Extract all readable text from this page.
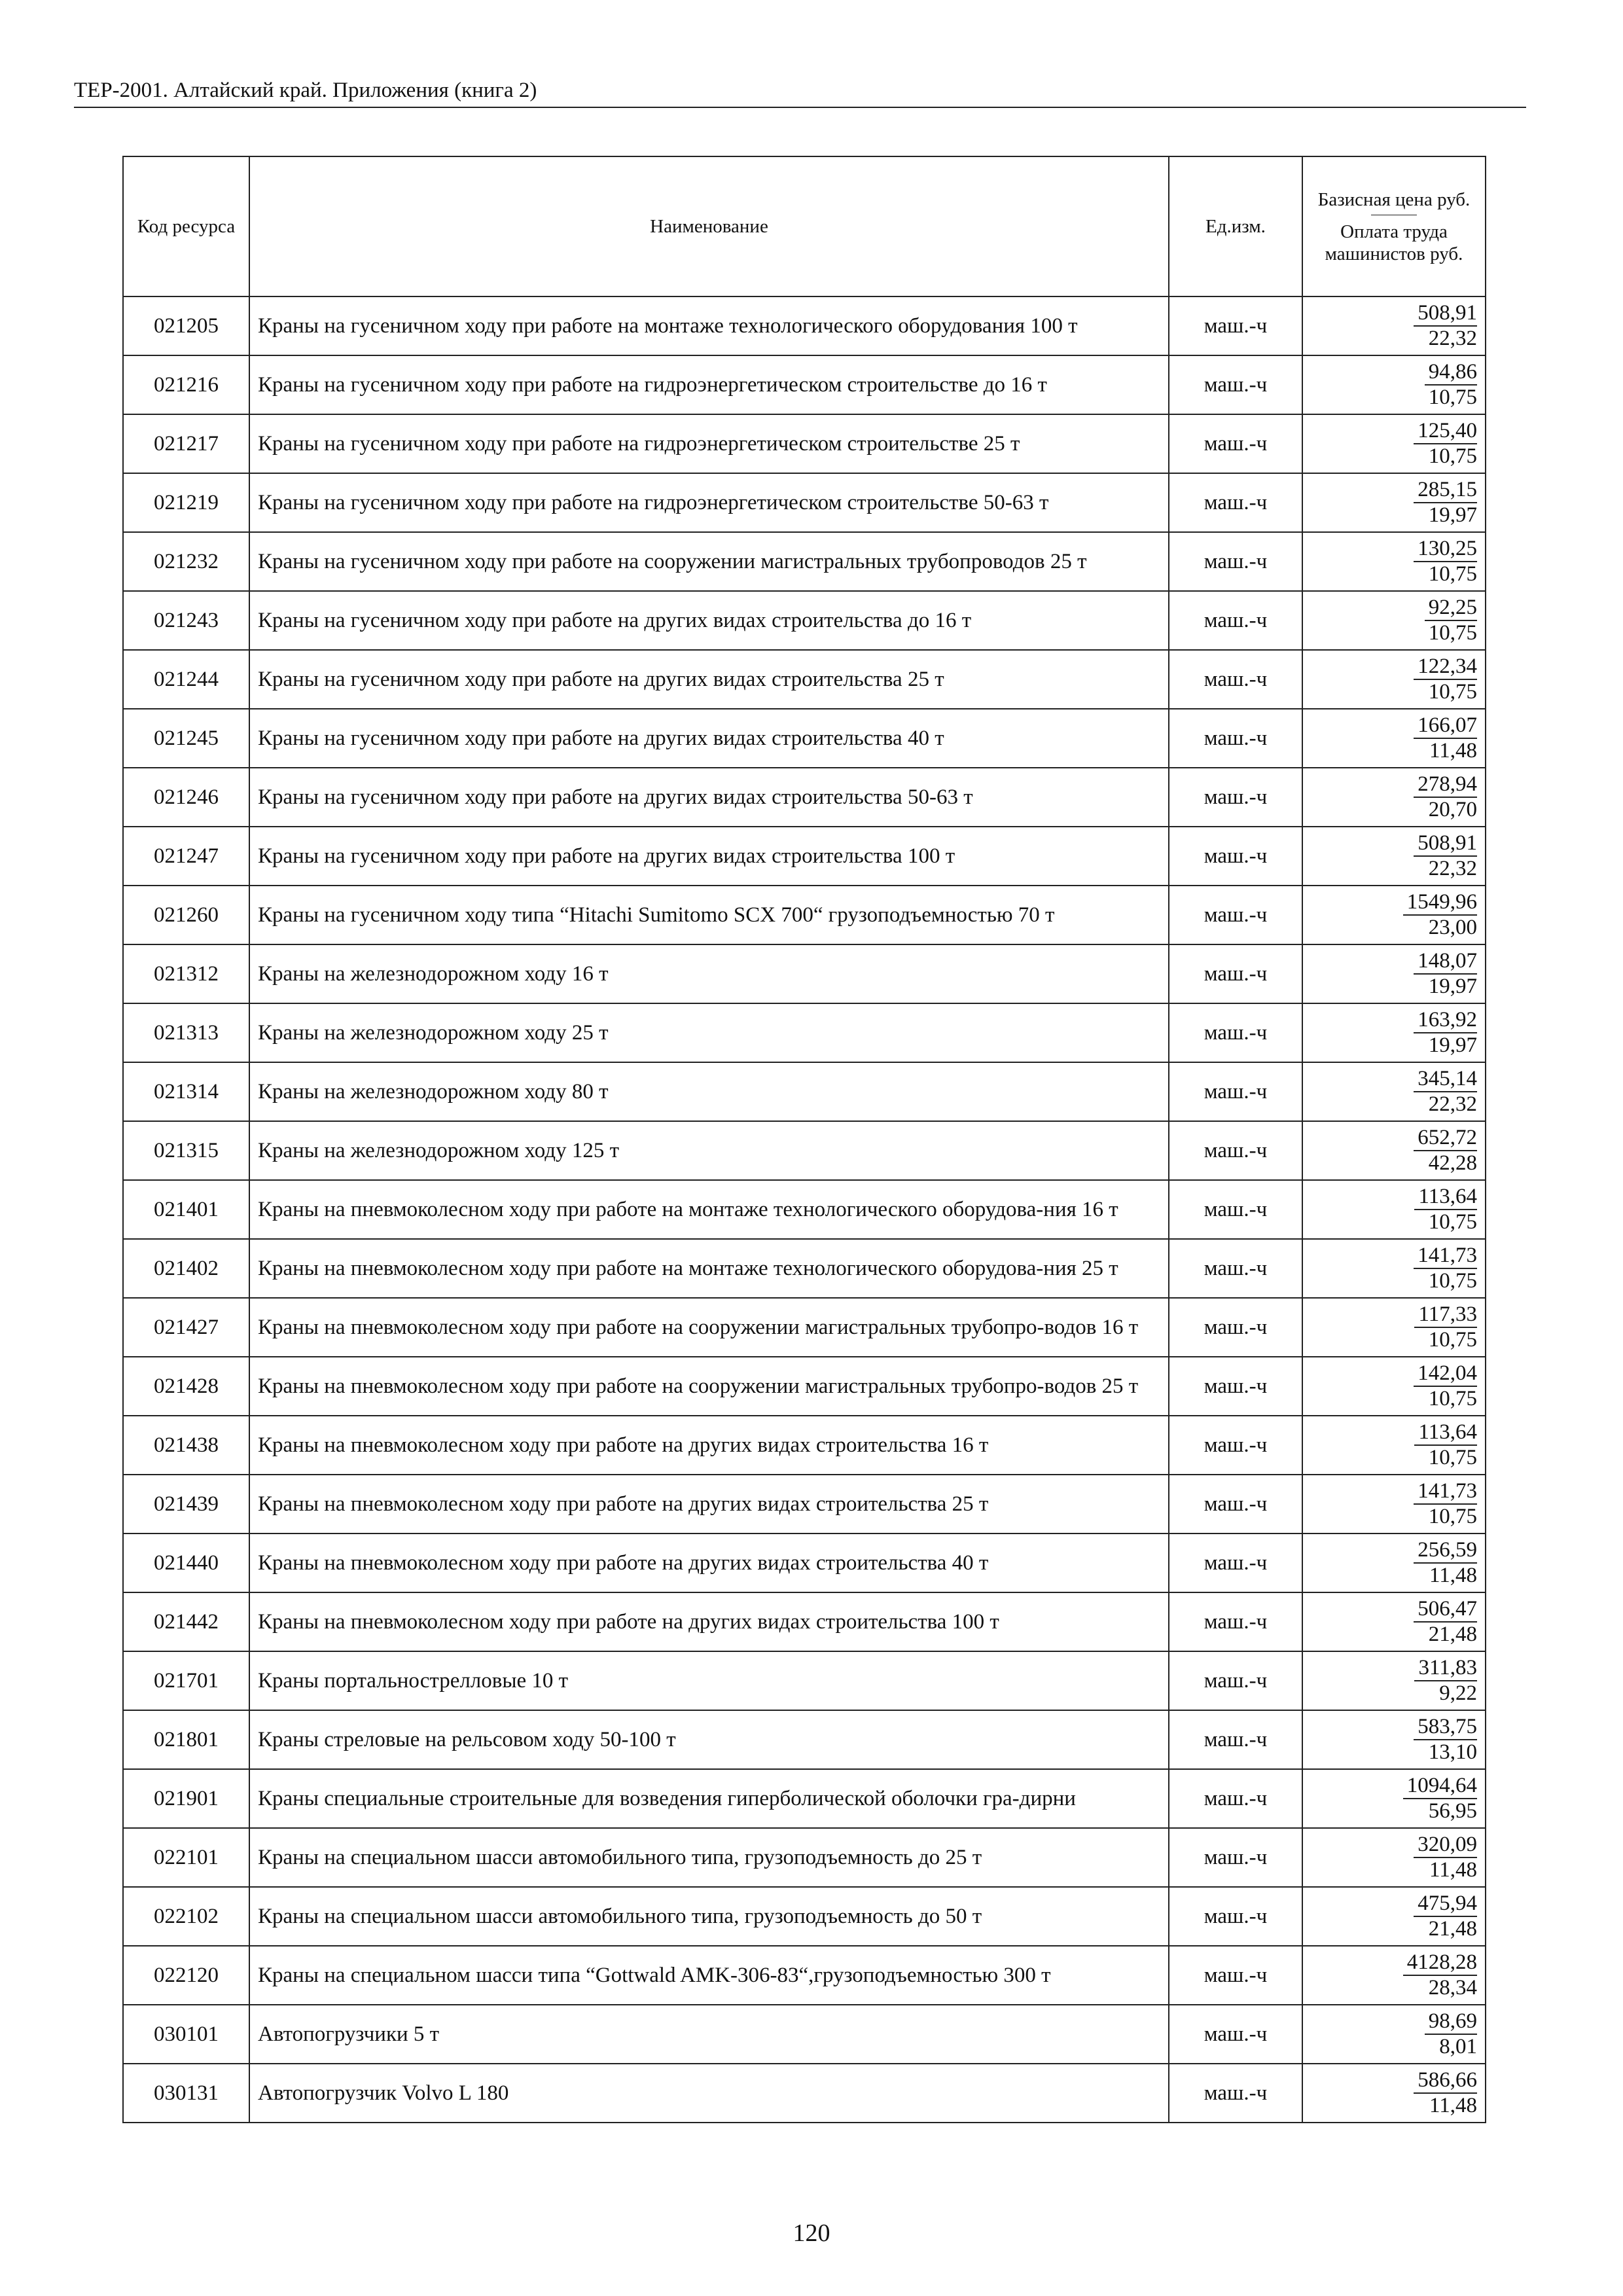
ТЕР-2001. Алтайский край. Приложения (книга 2)
Код ресурса	Наименование	Ед.изм.	Базисная цена руб.
Оплата труда машинистов руб.
021205	Краны на гусеничном ходу при работе на монтаже технологического оборудования 100 т	маш.-ч	$\frac{508,91}{22,32}$

021216	Краны на гусеничном ходу при работе на гидроэнергетическом строительстве до 16 т	маш.-ч	$\frac{94,86}{10,75}$

021217	Краны на гусеничном ходу при работе на гидроэнергетическом строительстве 25 т	маш.-ч	$\frac{125,40}{10,75}$

021219	Краны на гусеничном ходу при работе на гидроэнергетическом строительстве 50-63 т	маш.-ч	$\frac{285,15}{19,97}$

021232	Краны на гусеничном ходу при работе на сооружении магистральных трубопроводов 25 т	маш.-ч	$\frac{130,25}{10,75}$

021243	Краны на гусеничном ходу при работе на других видах строительства до 16 т	маш.-ч	$\frac{92,25}{10,75}$

021244	Краны на гусеничном ходу при работе на других видах строительства 25 т	маш.-ч	$\frac{122,34}{10,75}$

021245	Краны на гусеничном ходу при работе на других видах строительства 40 т	маш.-ч	$\frac{166,07}{11,48}$

021246	Краны на гусеничном ходу при работе на других видах строительства 50-63 т	маш.-ч	$\frac{278,94}{20,70}$

021247	Краны на гусеничном ходу при работе на других видах строительства 100 т	маш.-ч	$\frac{508,91}{22,32}$

021260	Краны на гусеничном ходу типа “Hitachi Sumitomo SCX 700“ грузоподъемностью 70 т	маш.-ч	$\frac{1549,96}{23,00}$

021312	Краны на железнодорожном ходу 16 т	маш.-ч	$\frac{148,07}{19,97}$

021313	Краны на железнодорожном ходу 25 т	маш.-ч	$\frac{163,92}{19,97}$

021314	Краны на железнодорожном ходу 80 т	маш.-ч	$\frac{345,14}{22,32}$

021315	Краны на железнодорожном ходу 125 т	маш.-ч	$\frac{652,72}{42,28}$

021401	Краны на пневмоколесном ходу при работе на монтаже технологического оборудова-ния 16 т	маш.-ч	$\frac{113,64}{10,75}$

021402	Краны на пневмоколесном ходу при работе на монтаже технологического оборудова-ния 25 т	маш.-ч	$\frac{141,73}{10,75}$

021427	Краны на пневмоколесном ходу при работе на сооружении магистральных трубопро-водов 16 т	маш.-ч	$\frac{117,33}{10,75}$

021428	Краны на пневмоколесном ходу при работе на сооружении магистральных трубопро-водов 25 т	маш.-ч	$\frac{142,04}{10,75}$

021438	Краны на пневмоколесном ходу при работе на других видах строительства 16 т	маш.-ч	$\frac{113,64}{10,75}$

021439	Краны на пневмоколесном ходу при работе на других видах строительства 25 т	маш.-ч	$\frac{141,73}{10,75}$

021440	Краны на пневмоколесном ходу при работе на других видах строительства 40 т	маш.-ч	$\frac{256,59}{11,48}$

021442	Краны на пневмоколесном ходу при работе на других видах строительства 100 т	маш.-ч	$\frac{506,47}{21,48}$

021701	Краны портальнострелловые 10 т	маш.-ч	$\frac{311,83}{9,22}$

021801	Краны стреловые на рельсовом ходу 50-100 т	маш.-ч	$\frac{583,75}{13,10}$

021901	Краны специальные строительные для возведения гиперболической оболочки гра-дирни	маш.-ч	$\frac{1094,64}{56,95}$

022101	Краны на специальном шасси автомобильного типа, грузоподъемность до 25 т	маш.-ч	$\frac{320,09}{11,48}$

022102	Краны на специальном шасси автомобильного типа, грузоподъемность до 50 т	маш.-ч	$\frac{475,94}{21,48}$

022120	Краны на специальном шасси типа “Gottwald AMK-306-83“,грузоподъемностью 300 т	маш.-ч	$\frac{4128,28}{28,34}$

030101	Автопогрузчики 5 т	маш.-ч	$\frac{98,69}{8,01}$

030131	Автопогрузчик Volvo L 180	маш.-ч	$\frac{586,66}{11,48}$
120
